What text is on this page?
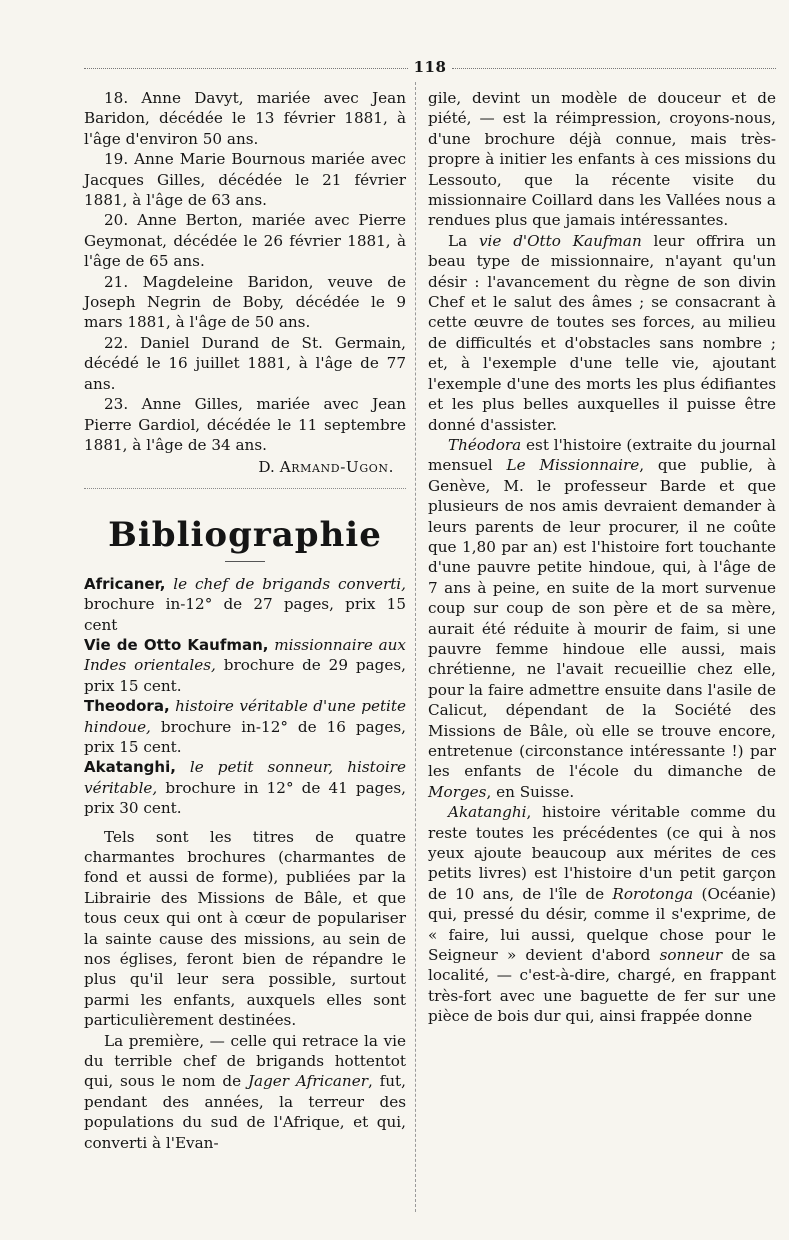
118

18. Anne Davyt, mariée avec Jean Baridon, décédée le 13 février 1881, à l'âge d'environ 50 ans.

19. Anne Marie Bournous mariée avec Jacques Gilles, décédée le 21 février 1881, à l'âge de 63 ans.

20. Anne Berton, mariée avec Pierre Geymonat, décédée le 26 février 1881, à l'âge de 65 ans.

21. Magdeleine Baridon, veuve de Joseph Negrin de Boby, décédée le 9 mars 1881, à l'âge de 50 ans.

22. Daniel Durand de St. Germain, décédé le 16 juillet 1881, à l'âge de 77 ans.

23. Anne Gilles, mariée avec Jean Pierre Gardiol, décédée le 11 septembre 1881, à l'âge de 34 ans.

D. Armand-Ugon.

Bibliographie

Africaner, le chef de brigands converti, brochure in-12° de 27 pages, prix 15 cent

Vie de Otto Kaufman, missionnaire aux Indes orientales, brochure de 29 pages, prix 15 cent.

Theodora, histoire véritable d'une petite hindoue, brochure in-12° de 16 pages, prix 15 cent.

Akatanghi, le petit sonneur, histoire véritable, brochure in 12° de 41 pages, prix 30 cent.

Tels sont les titres de quatre charmantes brochures (charmantes de fond et aussi de forme), publiées par la Librairie des Missions de Bâle, et que tous ceux qui ont à cœur de populariser la sainte cause des missions, au sein de nos églises, feront bien de répandre le plus qu'il leur sera possible, surtout parmi les enfants, auxquels elles sont particulièrement destinées.

La première, — celle qui retrace la vie du terrible chef de brigands hottentot qui, sous le nom de Jager Africaner, fut, pendant des années, la terreur des populations du sud de l'Afrique, et qui, converti à l'Evan-

gile, devint un modèle de douceur et de piété, — est la réimpression, croyons-nous, d'une brochure déjà connue, mais très-propre à initier les enfants à ces missions du Lessouto, que la récente visite du missionnaire Coillard dans les Vallées nous a rendues plus que jamais intéressantes.

La vie d'Otto Kaufman leur offrira un beau type de missionnaire, n'ayant qu'un désir : l'avancement du règne de son divin Chef et le salut des âmes ; se consacrant à cette œuvre de toutes ses forces, au milieu de difficultés et d'obstacles sans nombre ; et, à l'exemple d'une telle vie, ajoutant l'exemple d'une des morts les plus édifiantes et les plus belles auxquelles il puisse être donné d'assister.

Théodora est l'histoire (extraite du journal mensuel Le Missionnaire, que publie, à Genève, M. le professeur Barde et que plusieurs de nos amis devraient demander à leurs parents de leur procurer, il ne coûte que 1,80 par an) est l'histoire fort touchante d'une pauvre petite hindoue, qui, à l'âge de 7 ans à peine, en suite de la mort survenue coup sur coup de son père et de sa mère, aurait été réduite à mourir de faim, si une pauvre femme hindoue elle aussi, mais chrétienne, ne l'avait recueillie chez elle, pour la faire admettre ensuite dans l'asile de Calicut, dépendant de la Société des Missions de Bâle, où elle se trouve encore, entretenue (circonstance intéressante !) par les enfants de l'école du dimanche de Morges, en Suisse.

Akatanghi, histoire véritable comme du reste toutes les précédentes (ce qui à nos yeux ajoute beaucoup aux mérites de ces petits livres) est l'histoire d'un petit garçon de 10 ans, de l'île de Rorotonga (Océanie) qui, pressé du désir, comme il s'exprime, de « faire, lui aussi, quelque chose pour le Seigneur » devient d'abord sonneur de sa localité, — c'est-à-dire, chargé, en frappant très-fort avec une baguette de fer sur une pièce de bois dur qui, ainsi frappée donne
